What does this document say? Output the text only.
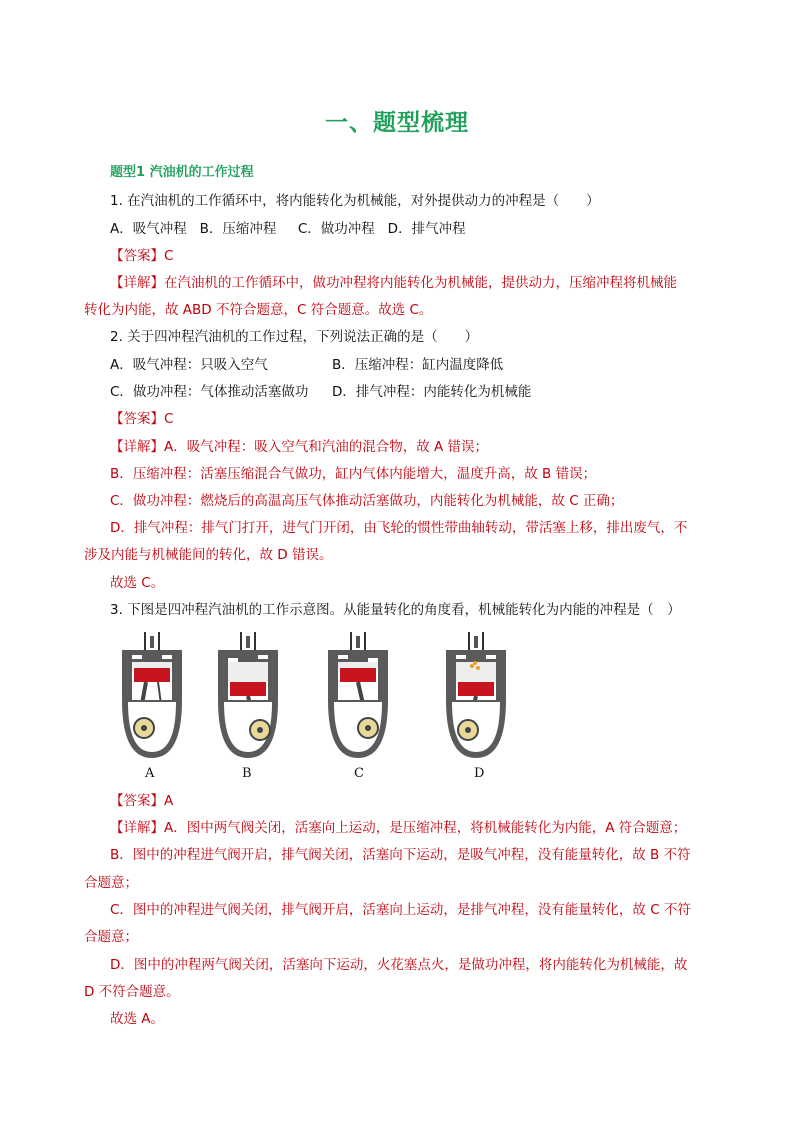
一、题型梳理
题型1 汽油机的工作过程
1. 在汽油机的工作循环中，将内能转化为机械能，对外提供动力的冲程是（　　）
A．吸气冲程 B．压缩冲程 C．做功冲程 D．排气冲程
【答案】C
【详解】在汽油机的工作循环中，做功冲程将内能转化为机械能，提供动力，压缩冲程将机械能
转化为内能，故 ABD 不符合题意，C 符合题意。故选 C。
2. 关于四冲程汽油机的工作过程，下列说法正确的是（　　）
A．吸气冲程：只吸入空气	B．压缩冲程：缸内温度降低
C．做功冲程：气体推动活塞做功 D．排气冲程：内能转化为机械能
【答案】C
【详解】A．吸气冲程：吸入空气和汽油的混合物，故 A 错误；
B．压缩冲程：活塞压缩混合气做功，缸内气体内能增大，温度升高，故 B 错误；
C．做功冲程：燃烧后的高温高压气体推动活塞做功，内能转化为机械能，故 C 正确；
D．排气冲程：排气门打开，进气门开闭，由飞轮的惯性带曲轴转动，带活塞上移，排出废气，不
涉及内能与机械能间的转化，故 D 错误。
故选 C。
3. 下图是四冲程汽油机的工作示意图。从能量转化的角度看，机械能转化为内能的冲程是（　）
A	B	C	D
【答案】A
【详解】A．图中两气阀关闭，活塞向上运动，是压缩冲程，将机械能转化为内能，A 符合题意；
B．图中的冲程进气阀开启，排气阀关闭，活塞向下运动，是吸气冲程，没有能量转化，故 B 不符
合题意；
C．图中的冲程进气阀关闭，排气阀开启，活塞向上运动，是排气冲程，没有能量转化，故 C 不符
合题意；
D．图中的冲程两气阀关闭，活塞向下运动，火花塞点火，是做功冲程，将内能转化为机械能，故
D 不符合题意。
故选 A。
